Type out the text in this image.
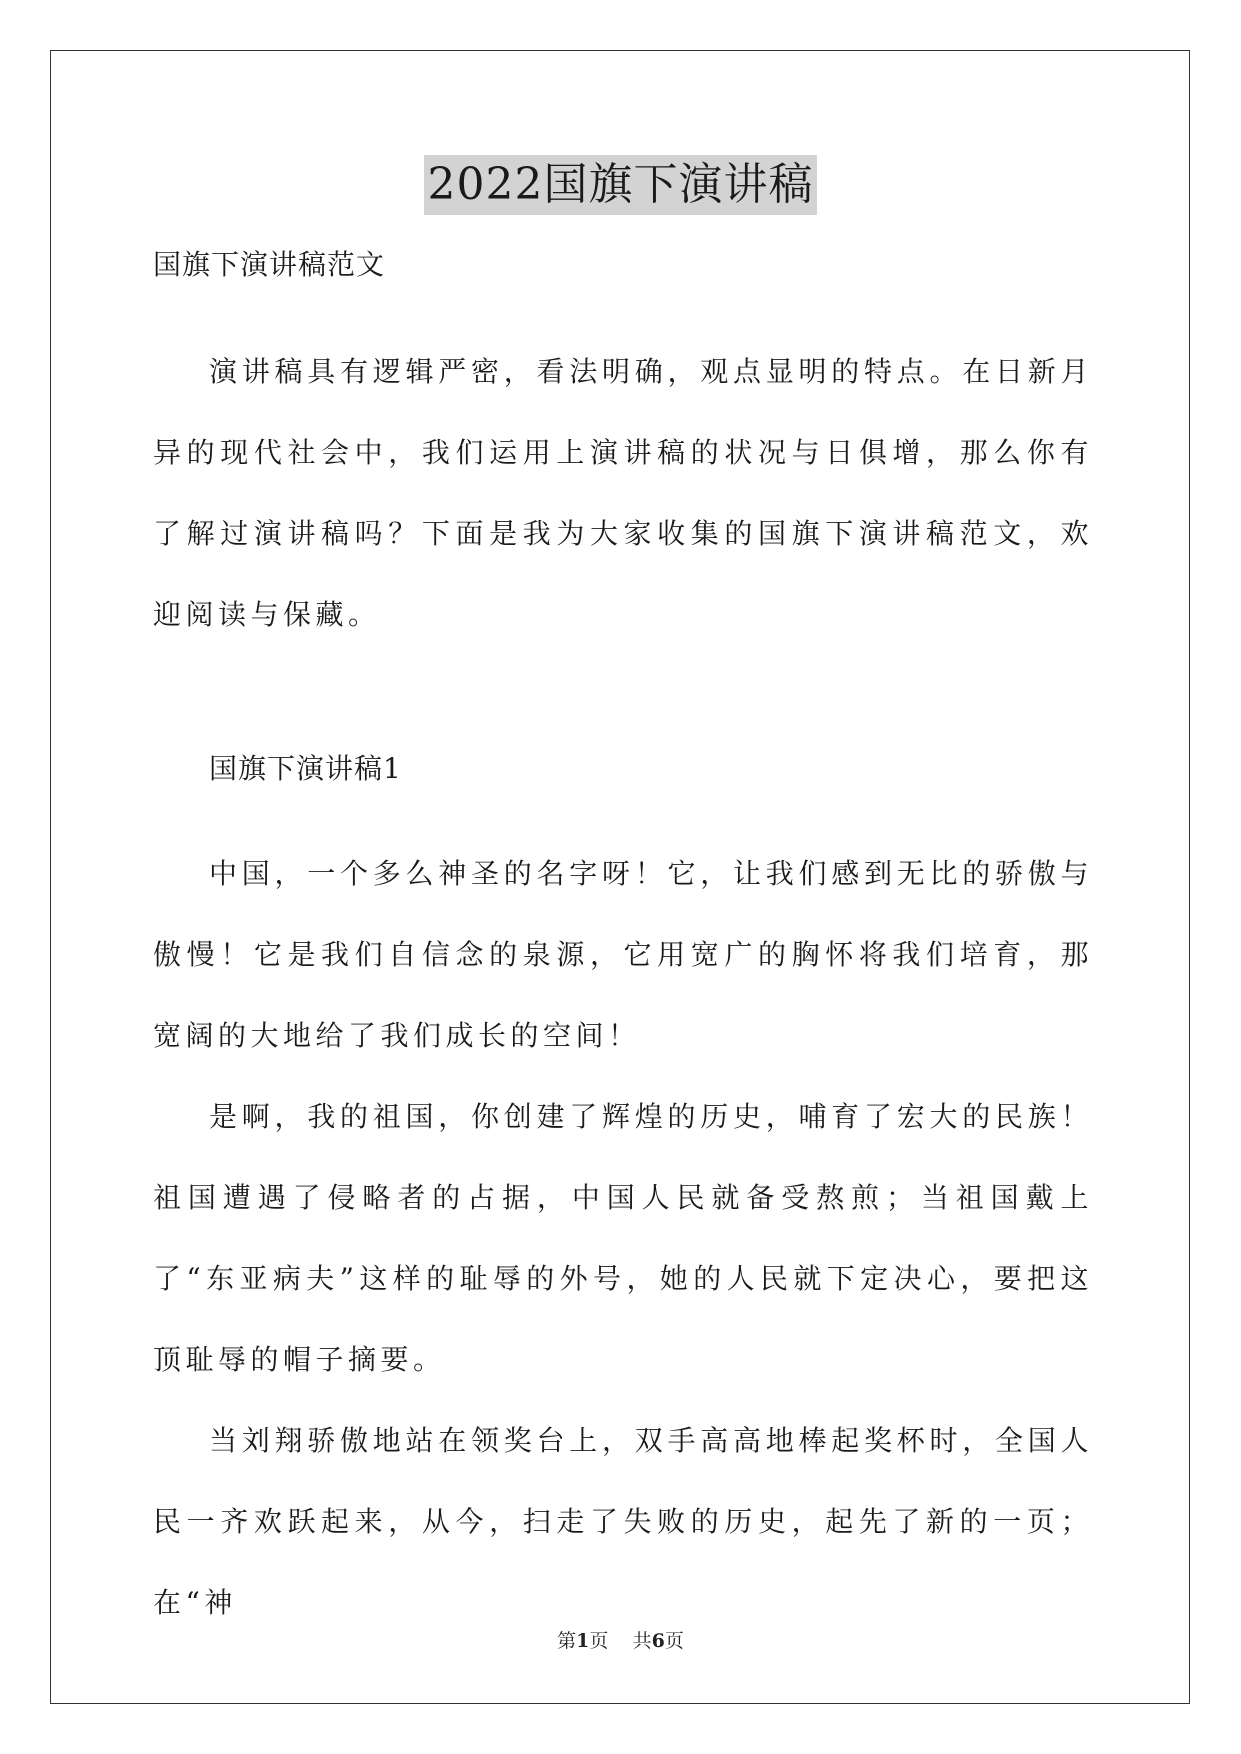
2022国旗下演讲稿
国旗下演讲稿范文

演讲稿具有逻辑严密，看法明确，观点显明的特点。在日新月异的现代社会中，我们运用上演讲稿的状况与日俱增，那么你有了解过演讲稿吗？下面是我为大家收集的国旗下演讲稿范文，欢迎阅读与保藏。

国旗下演讲稿1

中国，一个多么神圣的名字呀！它，让我们感到无比的骄傲与傲慢！它是我们自信念的泉源，它用宽广的胸怀将我们培育，那宽阔的大地给了我们成长的空间！

是啊，我的祖国，你创建了辉煌的历史，哺育了宏大的民族！祖国遭遇了侵略者的占据，中国人民就备受熬煎；当祖国戴上了“东亚病夫”这样的耻辱的外号，她的人民就下定决心，要把这顶耻辱的帽子摘要。

当刘翔骄傲地站在领奖台上，双手高高地棒起奖杯时，全国人民一齐欢跃起来，从今，扫走了失败的历史，起先了新的一页；在“神

第1页 共6页
